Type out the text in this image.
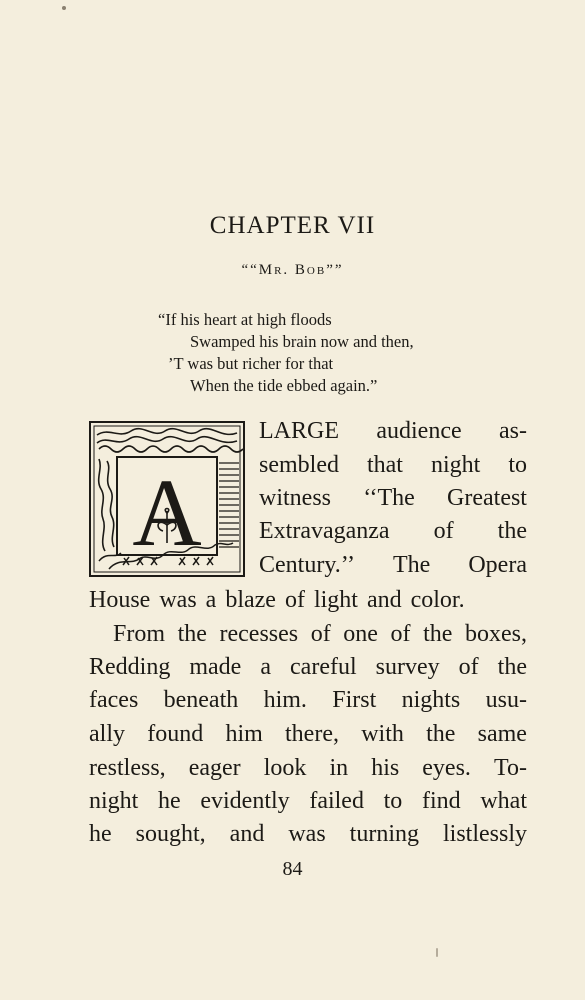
CHAPTER VII
““Mr. Bob””
“If his heart at high floods
Swamped his brain now and then,
’T was but richer for that
When the tide ebbed again.”
A
LARGE audience as-
sembled that night to
witness ‘‘The Greatest
Extravaganza of the
Century.’’ The Opera
House was a blaze of light and color.
From the recesses of one of the boxes,
Redding made a careful survey of the
faces beneath him. First nights usu-
ally found him there, with the same
restless, eager look in his eyes. To-
night he evidently failed to find what
he sought, and was turning listlessly
84
